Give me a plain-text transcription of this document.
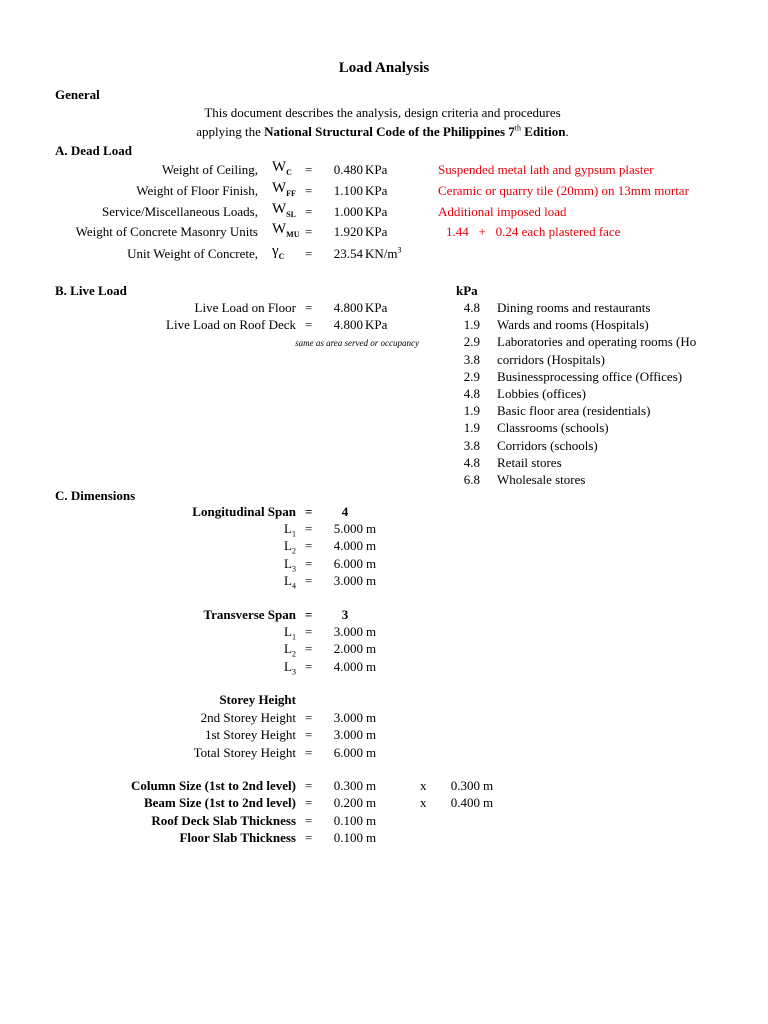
Load Analysis
General
This document describes the analysis, design criteria and procedures
applying the National Structural Code of the Philippines 7th Edition.
A. Dead Load
Weight of Ceiling, $W_C$ =	0.480 KPa	Suspended metal lath and gypsum plaster
Weight of Floor Finish, $W_{FF}$ =	1.100 KPa	Ceramic or quarry tile (20mm) on 13mm mortar
Service/Miscellaneous Loads, $W_{SL}$ =	1.000 KPa	Additional imposed load
Weight of Concrete Masonry Units $W_{MU}$ =	1.920 KPa	1.44   +   0.24 each plastered face
Unit Weight of Concrete, $\gamma_C$ =	23.54 $KN/m^3$
B. Live Load	kPa
Live Load on Floor =	4.800 KPa
Live Load on Roof Deck =	4.800 KPa
same as area served or occupancy
4.8 Dining rooms and restaurants
1.9 Wards and rooms (Hospitals)
2.9 Laboratories and operating rooms (Ho
3.8 corridors (Hospitals)
2.9 Businessprocessing office (Offices)
4.8 Lobbies (offices)
1.9 Basic floor area (residentials)
1.9 Classrooms (schools)
3.8 Corridors (schools)
4.8 Retail stores
6.8 Wholesale stores
C. Dimensions
Longitudinal Span =	4
$L_1$ =	5.000 m
$L_2$ =	4.000 m
$L_3$ =	6.000 m
$L_4$ =	3.000 m
Transverse Span =	3
$L_1$ =	3.000 m
$L_2$ =	2.000 m
$L_3$ =	4.000 m
Storey Height
2nd Storey Height =	3.000 m
1st Storey Height =	3.000 m
Total Storey Height =	6.000 m
Column Size (1st to 2nd level) =	0.300 m	x	0.300 m
Beam Size (1st to 2nd level) =	0.200 m	x	0.400 m
Roof Deck Slab Thickness =	0.100 m
Floor Slab Thickness =	0.100 m
